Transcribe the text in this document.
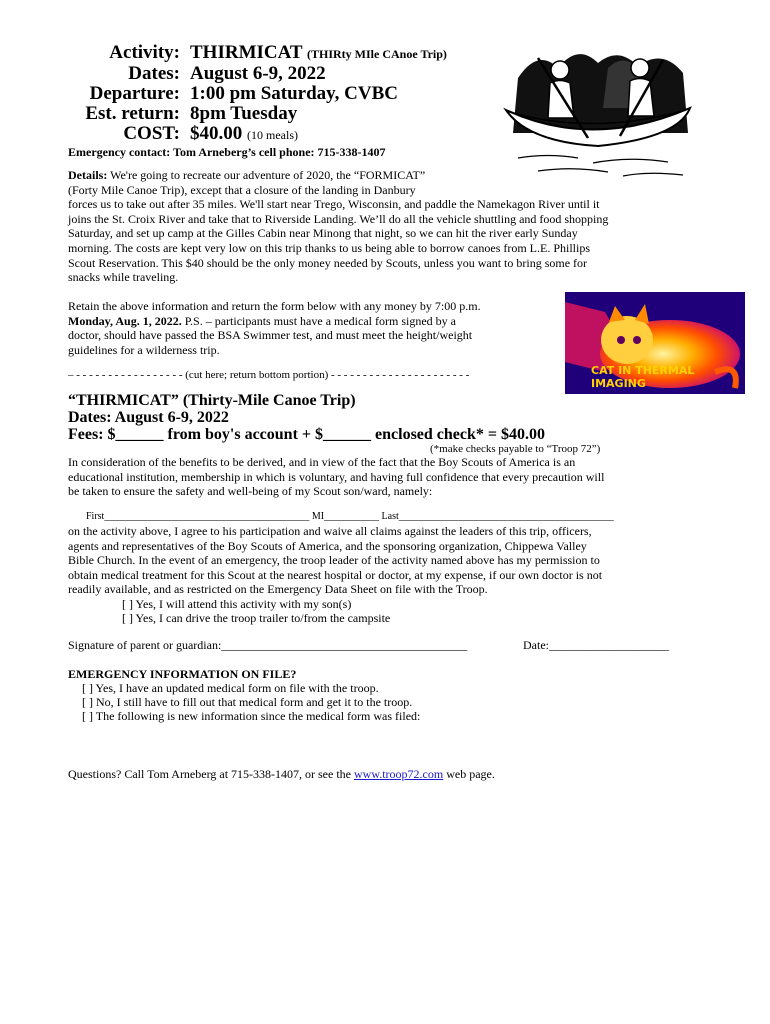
Activity: THIRMICAT (THIRty MIle CAnoe Trip)
Dates: August 6-9, 2022
Departure: 1:00 pm Saturday, CVBC
Est. return: 8pm Tuesday
COST: $40.00 (10 meals)
Emergency contact: Tom Arneberg’s cell phone: 715-338-1407
Details: We're going to recreate our adventure of 2020, the “FORMICAT”
(Forty Mile Canoe Trip), except that a closure of the landing in Danbury
forces us to take out after 35 miles. We'll start near Trego, Wisconsin, and paddle the Namekagon River until it
joins the St. Croix River and take that to Riverside Landing. We’ll do all the vehicle shuttling and food shopping
Saturday, and set up camp at the Gilles Cabin near Minong that night, so we can hit the river early Sunday
morning. The costs are kept very low on this trip thanks to us being able to borrow canoes from L.E. Phillips
Scout Reservation. This $40 should be the only money needed by Scouts, unless you want to bring some for
snacks while traveling.
Retain the above information and return the form below with any money by 7:00 p.m.
Monday, Aug. 1, 2022. P.S. – participants must have a medical form signed by a
doctor, should have passed the BSA Swimmer test, and must meet the height/weight
guidelines for a wilderness trip.
– - - - - - - - - - - - - - - - - - (cut here; return bottom portion) - - - - - - - - - - - - - - - - - - - - - -	CAT IN THERMAL IMAGING
“THIRMICAT” (Thirty-Mile Canoe Trip)
Dates: August 6-9, 2022
Fees: $______ from boy's account + $______ enclosed check* = $40.00
(*make checks payable to “Troop 72”)
In consideration of the benefits to be derived, and in view of the fact that the Boy Scouts of America is an
educational institution, membership in which is voluntary, and having full confidence that every precaution will
be taken to ensure the safety and well-being of my Scout son/ward, namely:
First_________________________________________ MI___________ Last___________________________________________
on the activity above, I agree to his participation and waive all claims against the leaders of this trip, officers,
agents and representatives of the Boy Scouts of America, and the sponsoring organization, Chippewa Valley
Bible Church. In the event of an emergency, the troop leader of the activity named above has my permission to
obtain medical treatment for this Scout at the nearest hospital or doctor, at my expense, if our own doctor is not
readily available, and as restricted on the Emergency Data Sheet on file with the Troop.
[ ] Yes, I will attend this activity with my son(s)
[ ] Yes, I can drive the troop trailer to/from the campsite
Signature of parent or guardian:_________________________________________	Date:____________________
EMERGENCY INFORMATION ON FILE?
[ ] Yes, I have an updated medical form on file with the troop.
[ ] No, I still have to fill out that medical form and get it to the troop.
[ ] The following is new information since the medical form was filed:
Questions? Call Tom Arneberg at 715-338-1407, or see the www.troop72.com web page.
